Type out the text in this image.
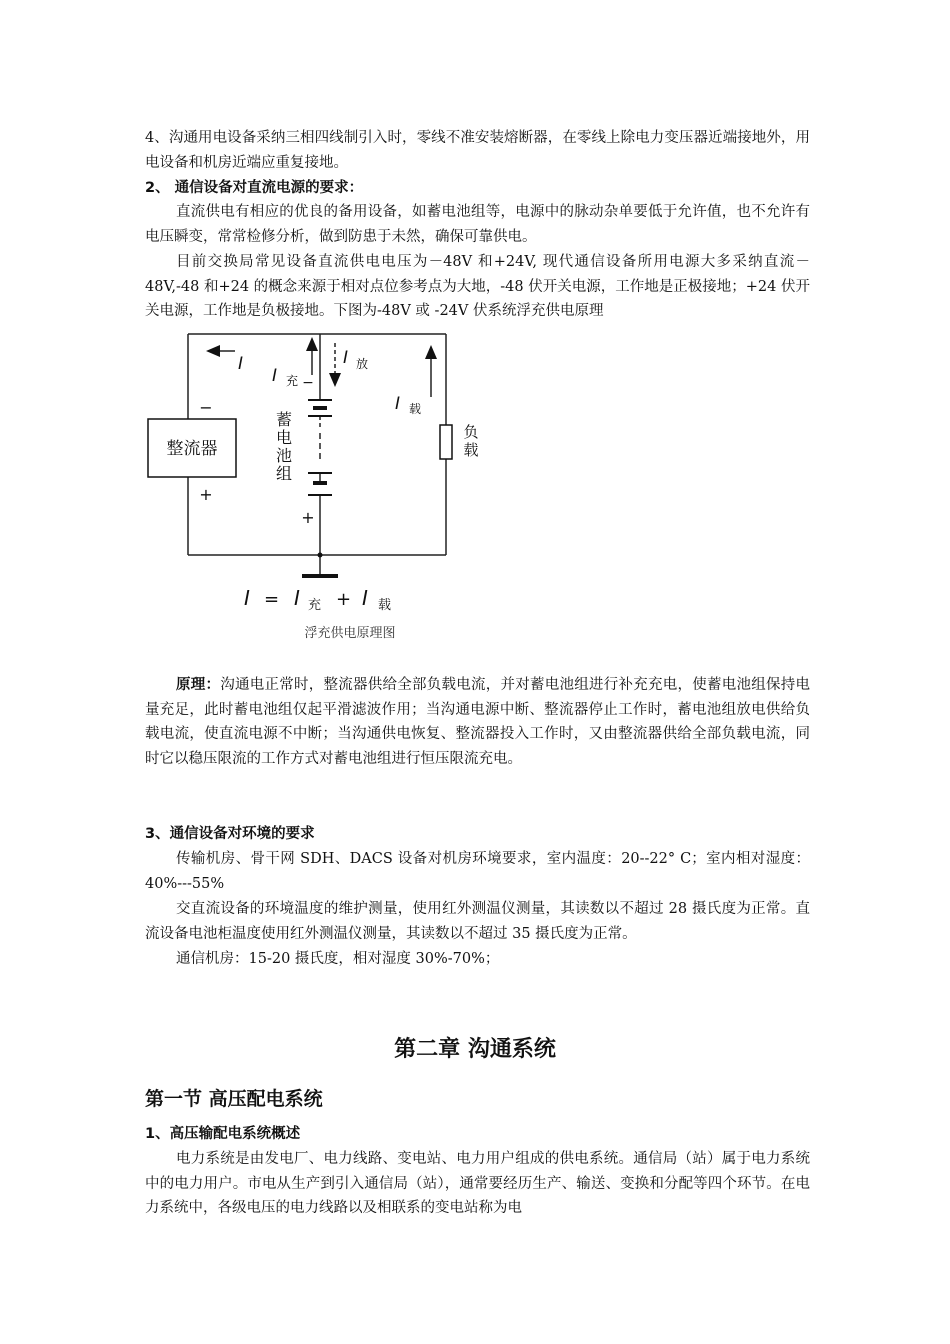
4、沟通用电设备采纳三相四线制引入时，零线不准安装熔断器，在零线上除电力变压器近端接地外，用电设备和机房近端应重复接地。
2、 通信设备对直流电源的要求：
直流供电有相应的优良的备用设备，如蓄电池组等，电源中的脉动杂单要低于允许值，也不允许有电压瞬变，常常检修分析，做到防患于未然，确保可靠供电。
目前交换局常见设备直流供电电压为－48V 和+24V, 现代通信设备所用电源大多采纳直流－48V,-48 和+24 的概念来源于相对点位参考点为大地，-48 伏开关电源，工作地是正极接地；+24 伏开关电源，工作地是负极接地。下图为-48V 或 -24V 伏系统浮充供电原理
整流器
负
载
蓄
电
池
组
−
+
−
+
I
I 充
I 放
I 载
I = I 充 + I 载
浮充供电原理图
原理：沟通电正常时，整流器供给全部负载电流，并对蓄电池组进行补充充电，使蓄电池组保持电量充足，此时蓄电池组仅起平滑滤波作用；当沟通电源中断、整流器停止工作时，蓄电池组放电供给负载电流，使直流电源不中断；当沟通供电恢复、整流器投入工作时，又由整流器供给全部负载电流，同时它以稳压限流的工作方式对蓄电池组进行恒压限流充电。
3、通信设备对环境的要求
传输机房、骨干网 SDH、DACS 设备对机房环境要求，室内温度：20--22° C；室内相对湿度：40%---55%
交直流设备的环境温度的维护测量，使用红外测温仪测量，其读数以不超过 28 摄氏度为正常。直流设备电池柜温度使用红外测温仪测量，其读数以不超过 35 摄氏度为正常。
通信机房：15-20 摄氏度，相对湿度 30%-70%；
第二章 沟通系统
第一节 高压配电系统
1、高压输配电系统概述
电力系统是由发电厂、电力线路、变电站、电力用户组成的供电系统。通信局（站）属于电力系统中的电力用户。市电从生产到引入通信局（站），通常要经历生产、输送、变换和分配等四个环节。在电力系统中，各级电压的电力线路以及相联系的变电站称为电
